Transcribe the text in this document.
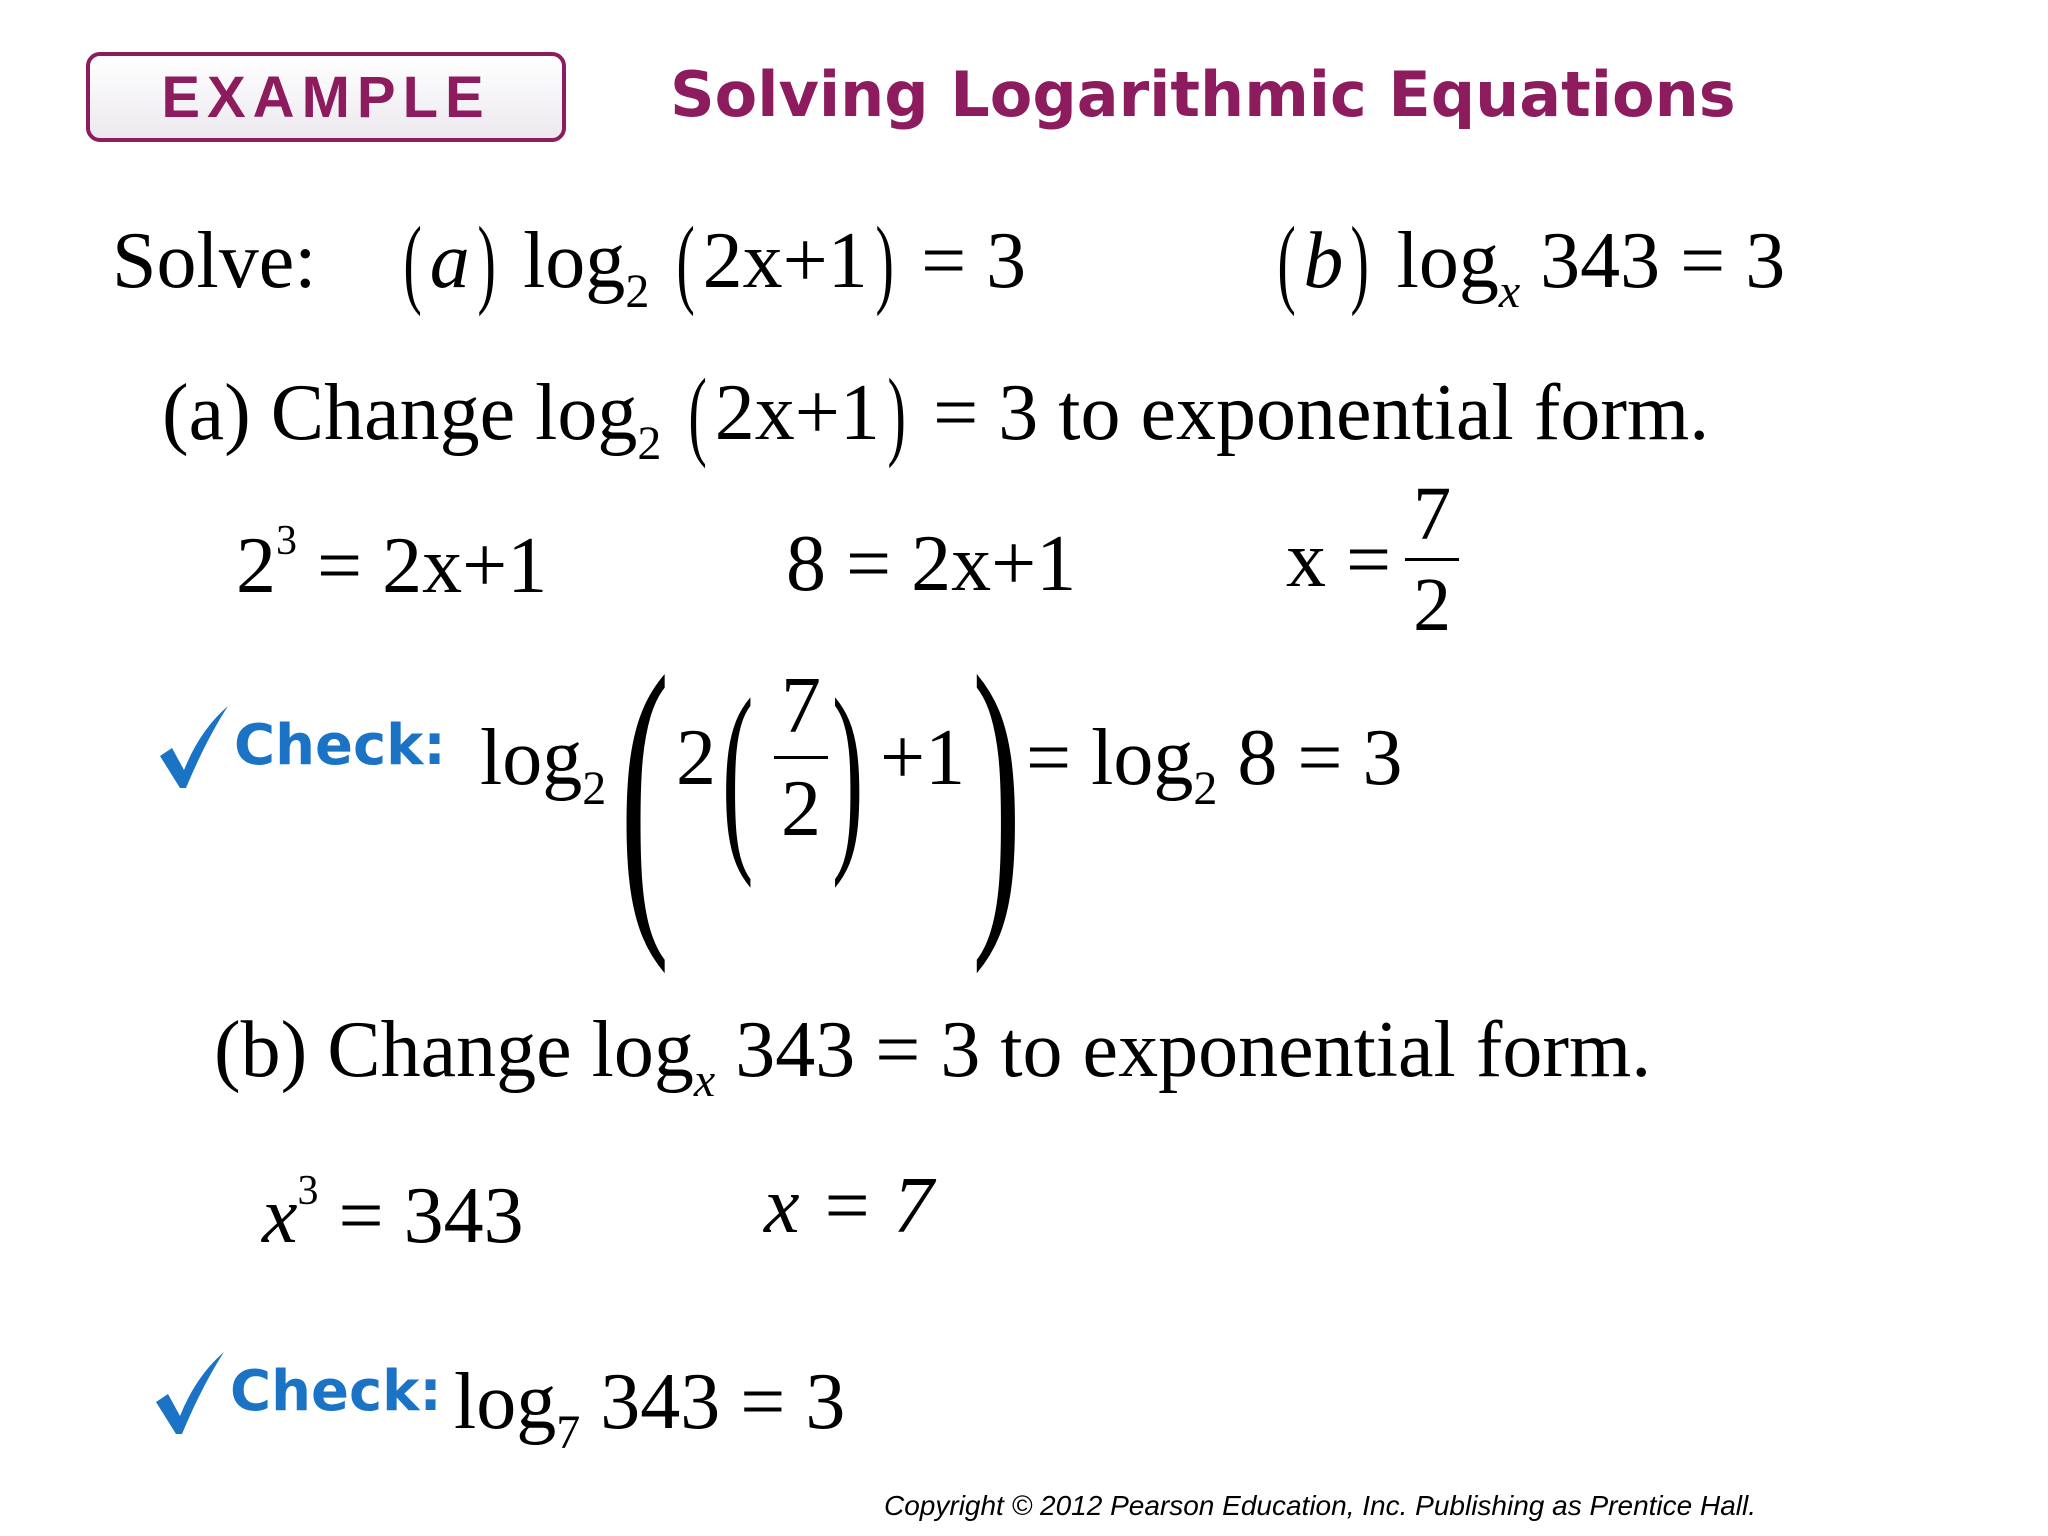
EXAMPLE	Solving Logarithmic Equations
Solve: (a) $\log_2 (2x+1) = 3$	(b) $\log_x 343 = 3$
(a) Change $\log_2 (2x+1) = 3$ to exponential form.
$2^3 = 2x+1$	8 = 2x+1	$x = \frac{7}{2}$
Check: $\log_2$ ( 2 ( 7
2 ) +1 ) = $\log_2 8 = 3$
(b) Change $\log_x 343 = 3$ to exponential form.
$x^3 = 343$	x = 7
Check: $\log_7 343 = 3$
Copyright © 2012 Pearson Education, Inc. Publishing as Prentice Hall.
